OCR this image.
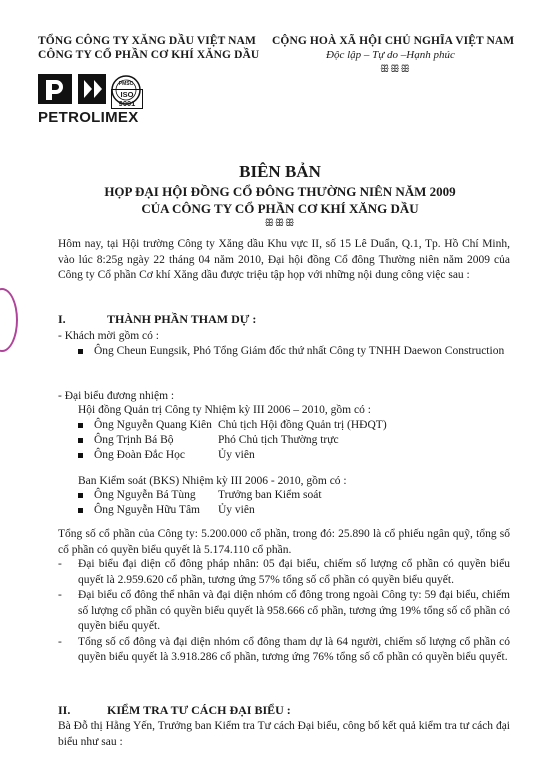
TỔNG CÔNG TY XĂNG DẦU VIỆT NAM
CÔNG TY CỔ PHẦN CƠ KHÍ XĂNG DẦU
CỘNG HOÀ XÃ HỘI CHỦ NGHĨA VIỆT NAM
Độc lập – Tự do –Hạnh phúc
ꕥꕥꕥ
PMSC
ISO 9001
PETROLIMEX
BIÊN BẢN
HỌP ĐẠI HỘI ĐỒNG CỔ ĐÔNG THƯỜNG NIÊN NĂM 2009
CỦA CÔNG TY CỔ PHẦN CƠ KHÍ XĂNG DẦU
ꕥꕥꕥ
Hôm nay, tại Hội trường Công ty Xăng dầu Khu vực II, số 15 Lê Duẩn, Q.1, Tp. Hồ Chí Minh, vào lúc 8:25g ngày 22 tháng 04 năm 2010, Đại hội đồng Cổ đông Thường niên năm 2009 của Công ty Cổ phần Cơ khí Xăng dầu được triệu tập họp với những nội dung công việc sau :
I.	THÀNH PHẦN THAM DỰ :
- Khách mời gồm có :
Ông Cheun Eungsik, Phó Tổng Giám đốc thứ nhất Công ty TNHH Daewon Construction
- Đại biểu đương nhiệm :
Hội đồng Quản trị Công ty Nhiệm kỳ III 2006 – 2010, gồm có :
	Ông Nguyễn Quang Kiên	Chủ tịch Hội đồng Quản trị (HĐQT)
	Ông Trịnh Bá Bộ	Phó Chủ tịch Thường trực
	Ông Đoàn Đắc Học	Ủy viên
Ban Kiểm soát (BKS) Nhiệm kỳ III 2006 - 2010, gồm có :
	Ông Nguyễn Bá Tùng	Trưởng ban Kiểm soát
	Ông Nguyễn Hữu Tâm	Ủy viên
Tổng số cổ phần của Công ty: 5.200.000 cổ phần, trong đó: 25.890 là cổ phiếu ngân quỹ, tổng số cổ phần có quyền biểu quyết là 5.174.110 cổ phần.
- Đại biểu đại diện cổ đông pháp nhân: 05 đại biểu, chiếm số lượng cổ phần có quyền biểu quyết là 2.959.620 cổ phần, tương ứng 57% tổng số cổ phần có quyền biểu quyết.
- Đại biểu cổ đông thể nhân và đại diện nhóm cổ đông trong ngoài Công ty: 59 đại biểu, chiếm số lượng cổ phần có quyền biểu quyết là 958.666 cổ phần, tương ứng 19% tổng số cổ phần có quyền biểu quyết.
- Tổng số cổ đông và đại diện nhóm cổ đông tham dự là 64 người, chiếm số lượng cổ phần có quyền biểu quyết là 3.918.286 cổ phần, tương ứng 76% tổng số cổ phần có quyền biểu quyết.
II.	KIỂM TRA TƯ CÁCH ĐẠI BIỂU :
Bà Đỗ thị Hằng Yến, Trưởng ban Kiểm tra Tư cách Đại biểu, công bố kết quả kiểm tra tư cách đại biểu như sau :
